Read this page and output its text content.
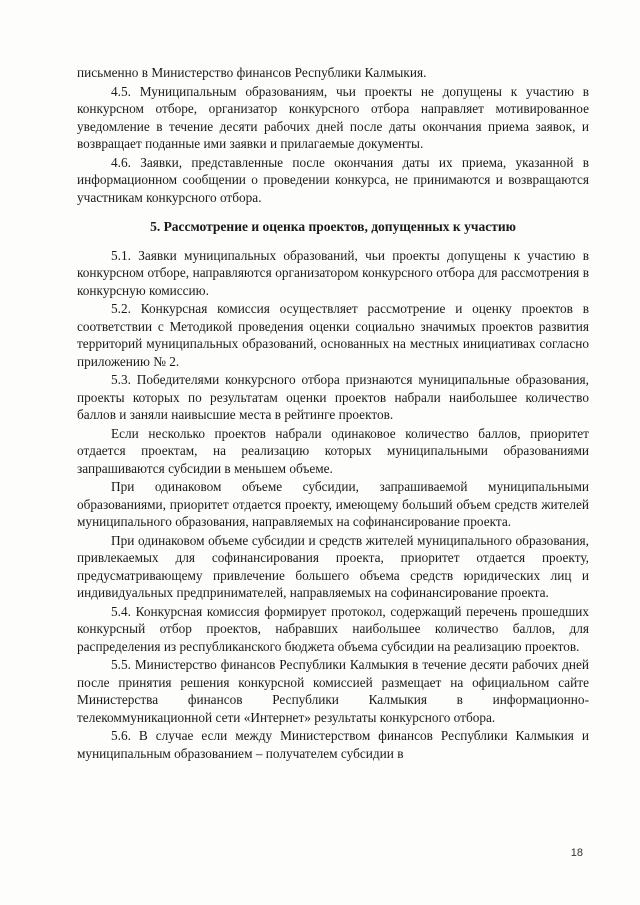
письменно в Министерство финансов Республики Калмыкия.

4.5. Муниципальным образованиям, чьи проекты не допущены к участию в конкурсном отборе, организатор конкурсного отбора направляет мотивированное уведомление в течение десяти рабочих дней после даты окончания приема заявок, и возвращает поданные ими заявки и прилагаемые документы.

4.6. Заявки, представленные после окончания даты их приема, указанной в информационном сообщении о проведении конкурса, не принимаются и возвращаются участникам конкурсного отбора.

5. Рассмотрение и оценка проектов, допущенных к участию

5.1. Заявки муниципальных образований, чьи проекты допущены к участию в конкурсном отборе, направляются организатором конкурсного отбора для рассмотрения в конкурсную комиссию.

5.2. Конкурсная комиссия осуществляет рассмотрение и оценку проектов в соответствии с Методикой проведения оценки социально значимых проектов развития территорий муниципальных образований, основанных на местных инициативах согласно приложению № 2.

5.3. Победителями конкурсного отбора признаются муниципальные образования, проекты которых по результатам оценки проектов набрали наибольшее количество баллов и заняли наивысшие места в рейтинге проектов.

Если несколько проектов набрали одинаковое количество баллов, приоритет отдается проектам, на реализацию которых муниципальными образованиями запрашиваются субсидии в меньшем объеме.

При одинаковом объеме субсидии, запрашиваемой муниципальными образованиями, приоритет отдается проекту, имеющему больший объем средств жителей муниципального образования, направляемых на софинансирование проекта.

При одинаковом объеме субсидии и средств жителей муниципального образования, привлекаемых для софинансирования проекта, приоритет отдается проекту, предусматривающему привлечение большего объема средств юридических лиц и индивидуальных предпринимателей, направляемых на софинансирование проекта.

5.4. Конкурсная комиссия формирует протокол, содержащий перечень прошедших конкурсный отбор проектов, набравших наибольшее количество баллов, для распределения из республиканского бюджета объема субсидии на реализацию проектов.

5.5. Министерство финансов Республики Калмыкия в течение десяти рабочих дней после принятия решения конкурсной комиссией размещает на официальном сайте Министерства финансов Республики Калмыкия в информационно-телекоммуникационной сети «Интернет» результаты конкурсного отбора.

5.6. В случае если между Министерством финансов Республики Калмыкия и муниципальным образованием – получателем субсидии в

18
